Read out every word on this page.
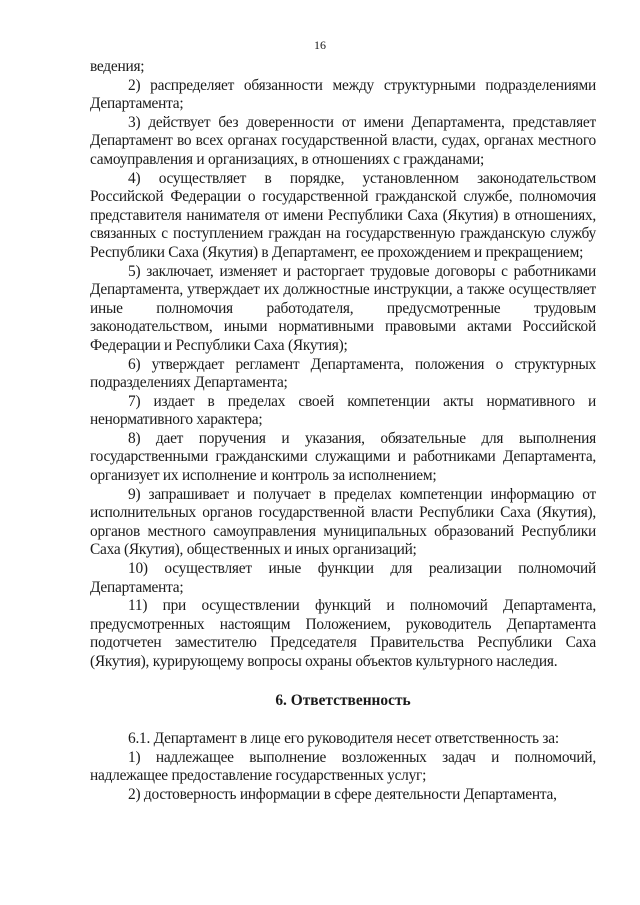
16

ведения;

2) распределяет обязанности между структурными подразделениями Департамента;

3) действует без доверенности от имени Департамента, представляет Департамент во всех органах государственной власти, судах, органах местного самоуправления и организациях, в отношениях с гражданами;

4) осуществляет в порядке, установленном законодательством Российской Федерации о государственной гражданской службе, полномочия представителя нанимателя от имени Республики Саха (Якутия) в отношениях, связанных с поступлением граждан на государственную гражданскую службу Республики Саха (Якутия) в Департамент, ее прохождением и прекращением;

5) заключает, изменяет и расторгает трудовые договоры с работниками Департамента, утверждает их должностные инструкции, а также осуществляет иные полномочия работодателя, предусмотренные трудовым законодательством, иными нормативными правовыми актами Российской Федерации и Республики Саха (Якутия);

6) утверждает регламент Департамента, положения о структурных подразделениях Департамента;

7) издает в пределах своей компетенции акты нормативного и ненормативного характера;

8) дает поручения и указания, обязательные для выполнения государственными гражданскими служащими и работниками Департамента, организует их исполнение и контроль за исполнением;

9) запрашивает и получает в пределах компетенции информацию от исполнительных органов государственной власти Республики Саха (Якутия), органов местного самоуправления муниципальных образований Республики Саха (Якутия), общественных и иных организаций;

10) осуществляет иные функции для реализации полномочий Департамента;

11) при осуществлении функций и полномочий Департамента, предусмотренных настоящим Положением, руководитель Департамента подотчетен заместителю Председателя Правительства Республики Саха (Якутия), курирующему вопросы охраны объектов культурного наследия.

6. Ответственность

6.1. Департамент в лице его руководителя несет ответственность за:

1) надлежащее выполнение возложенных задач и полномочий, надлежащее предоставление государственных услуг;

2) достоверность информации в сфере деятельности Департамента,
